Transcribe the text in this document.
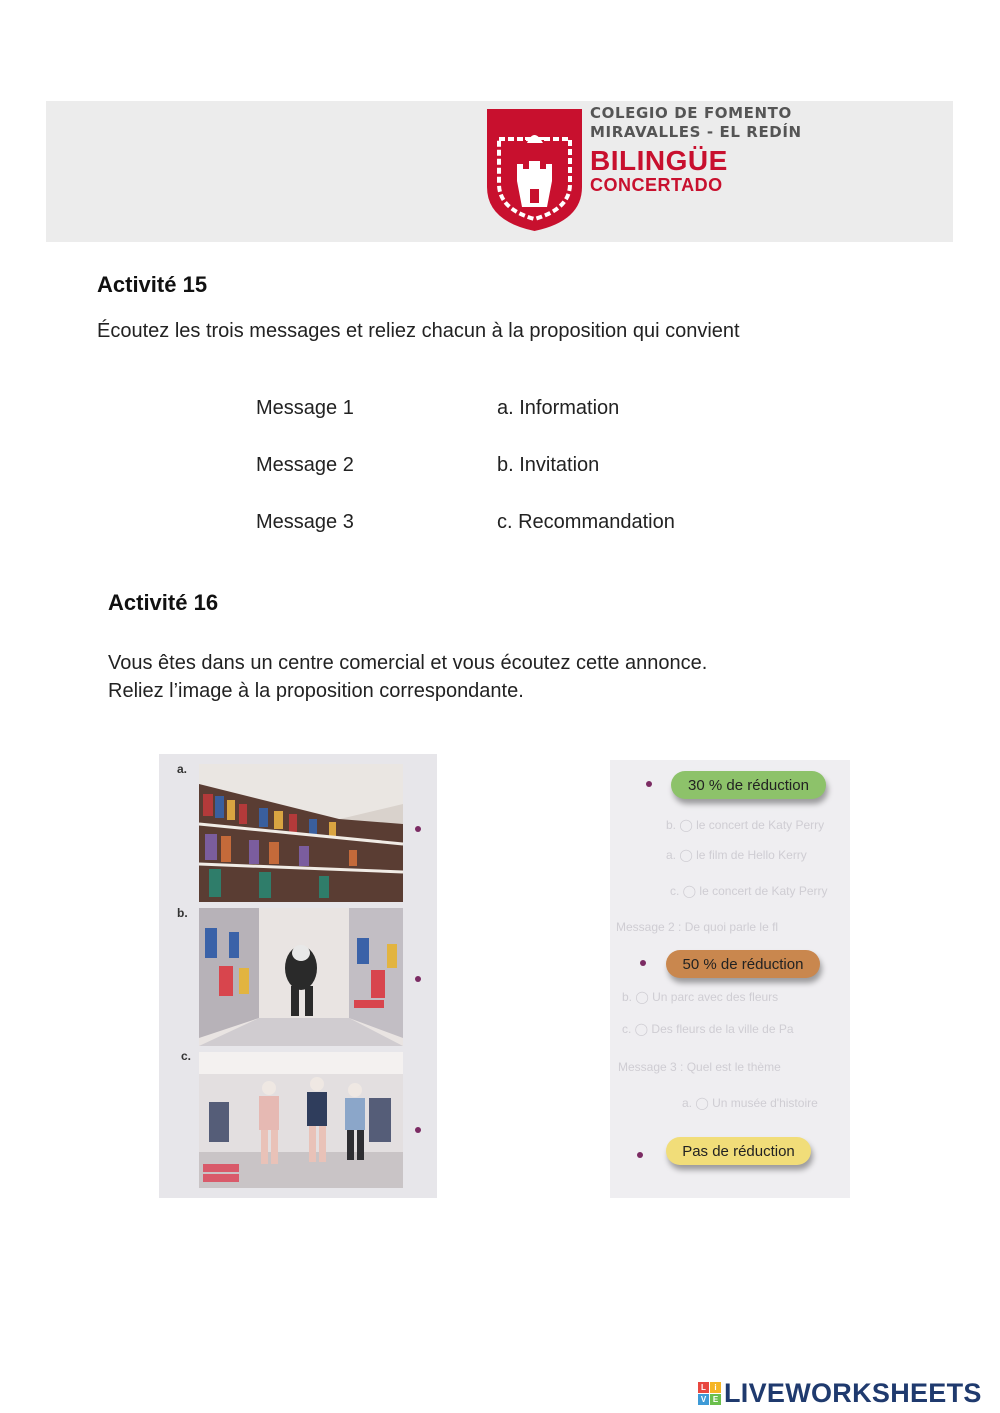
COLEGIO DE FOMENTO
MIRAVALLES - EL REDÍN
BILINGÜE
CONCERTADO
Activité 15
Écoutez les trois messages et reliez chacun à la proposition qui convient
Message 1
Message 2
Message 3
a. Information
b. Invitation
c. Recommandation
Activité 16
Vous êtes dans un centre comercial et vous écoutez cette annonce.
Reliez l’image à la proposition correspondante.
a.
b.
c.
b. ◯ le concert de Katy Perry
a. ◯ le film de Hello Kerry
c. ◯ le concert de Katy Perry
Message 2 : De quoi parle le fl
b. ◯ Un parc avec des fleurs
c. ◯ Des fleurs de la ville de Pa
Message 3 : Quel est le thème
a. ◯ Un musée d'histoire
30 % de réduction
50 % de réduction
Pas de réduction
L	i
V E LIVEWORKSHEETS
